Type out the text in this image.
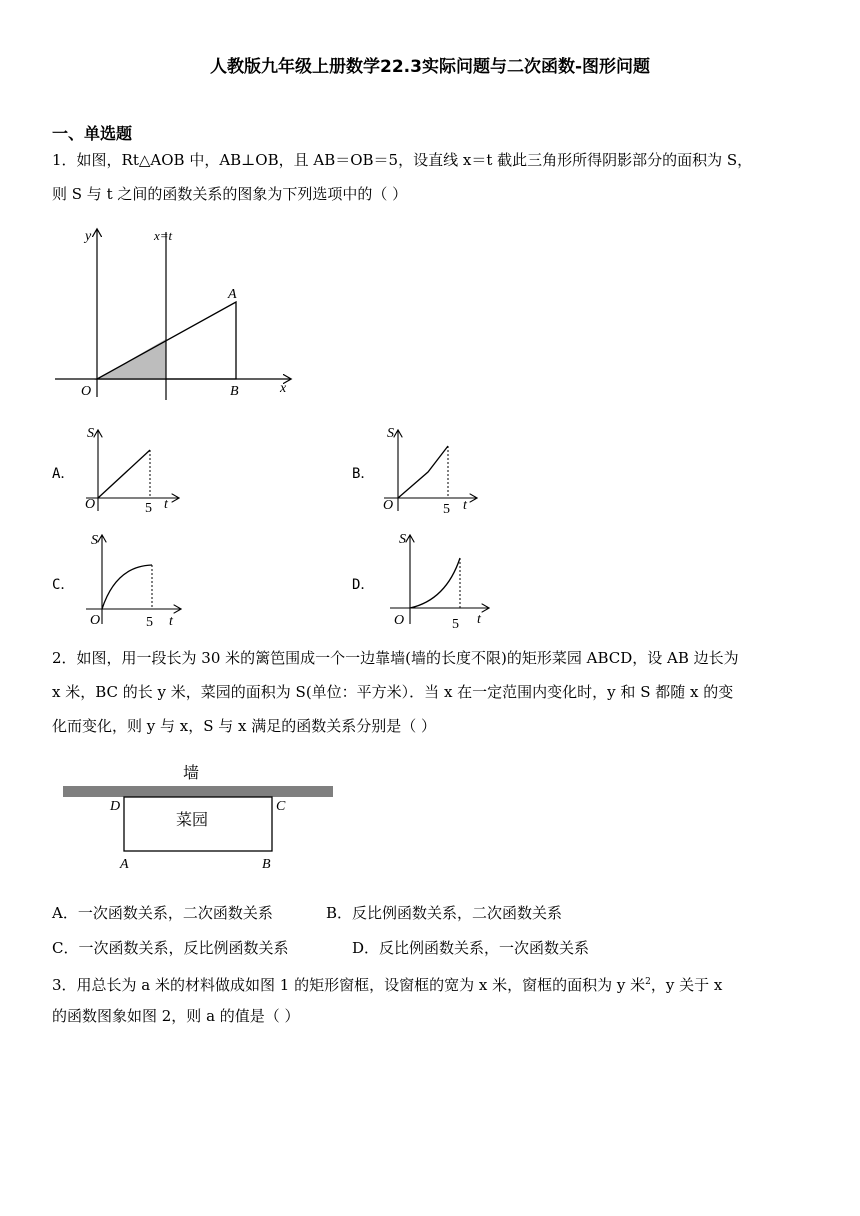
人教版九年级上册数学22.3实际问题与二次函数-图形问题
一、单选题
1．如图，Rt△AOB 中，AB⊥OB，且 AB＝OB＝5，设直线 x＝t 截此三角形所得阴影部分的面积为 S，
则 S 与 t 之间的函数关系的图象为下列选项中的（ ）
y	x=t
A
O	B	x
A．
S
O	5 t
B．
S
O	5 t
C．
S
O	5 t
D．
S
O	5 t
2．如图，用一段长为 30 米的篱笆围成一个一边靠墙(墙的长度不限)的矩形菜园 ABCD，设 AB 边长为
x 米，BC 的长 y 米，菜园的面积为 S(单位：平方米）．当 x 在一定范围内变化时，y 和 S 都随 x 的变
化而变化，则 y 与 x，S 与 x 满足的函数关系分别是（ ）
墙
菜园
D	C
A	B
A．一次函数关系，二次函数关系	B．反比例函数关系，二次函数关系
C．一次函数关系，反比例函数关系	D．反比例函数关系，一次函数关系
3．用总长为 a 米的材料做成如图 1 的矩形窗框，设窗框的宽为 x 米，窗框的面积为 y 米$^2$，y 关于 x
的函数图象如图 2，则 a 的值是（ ）
